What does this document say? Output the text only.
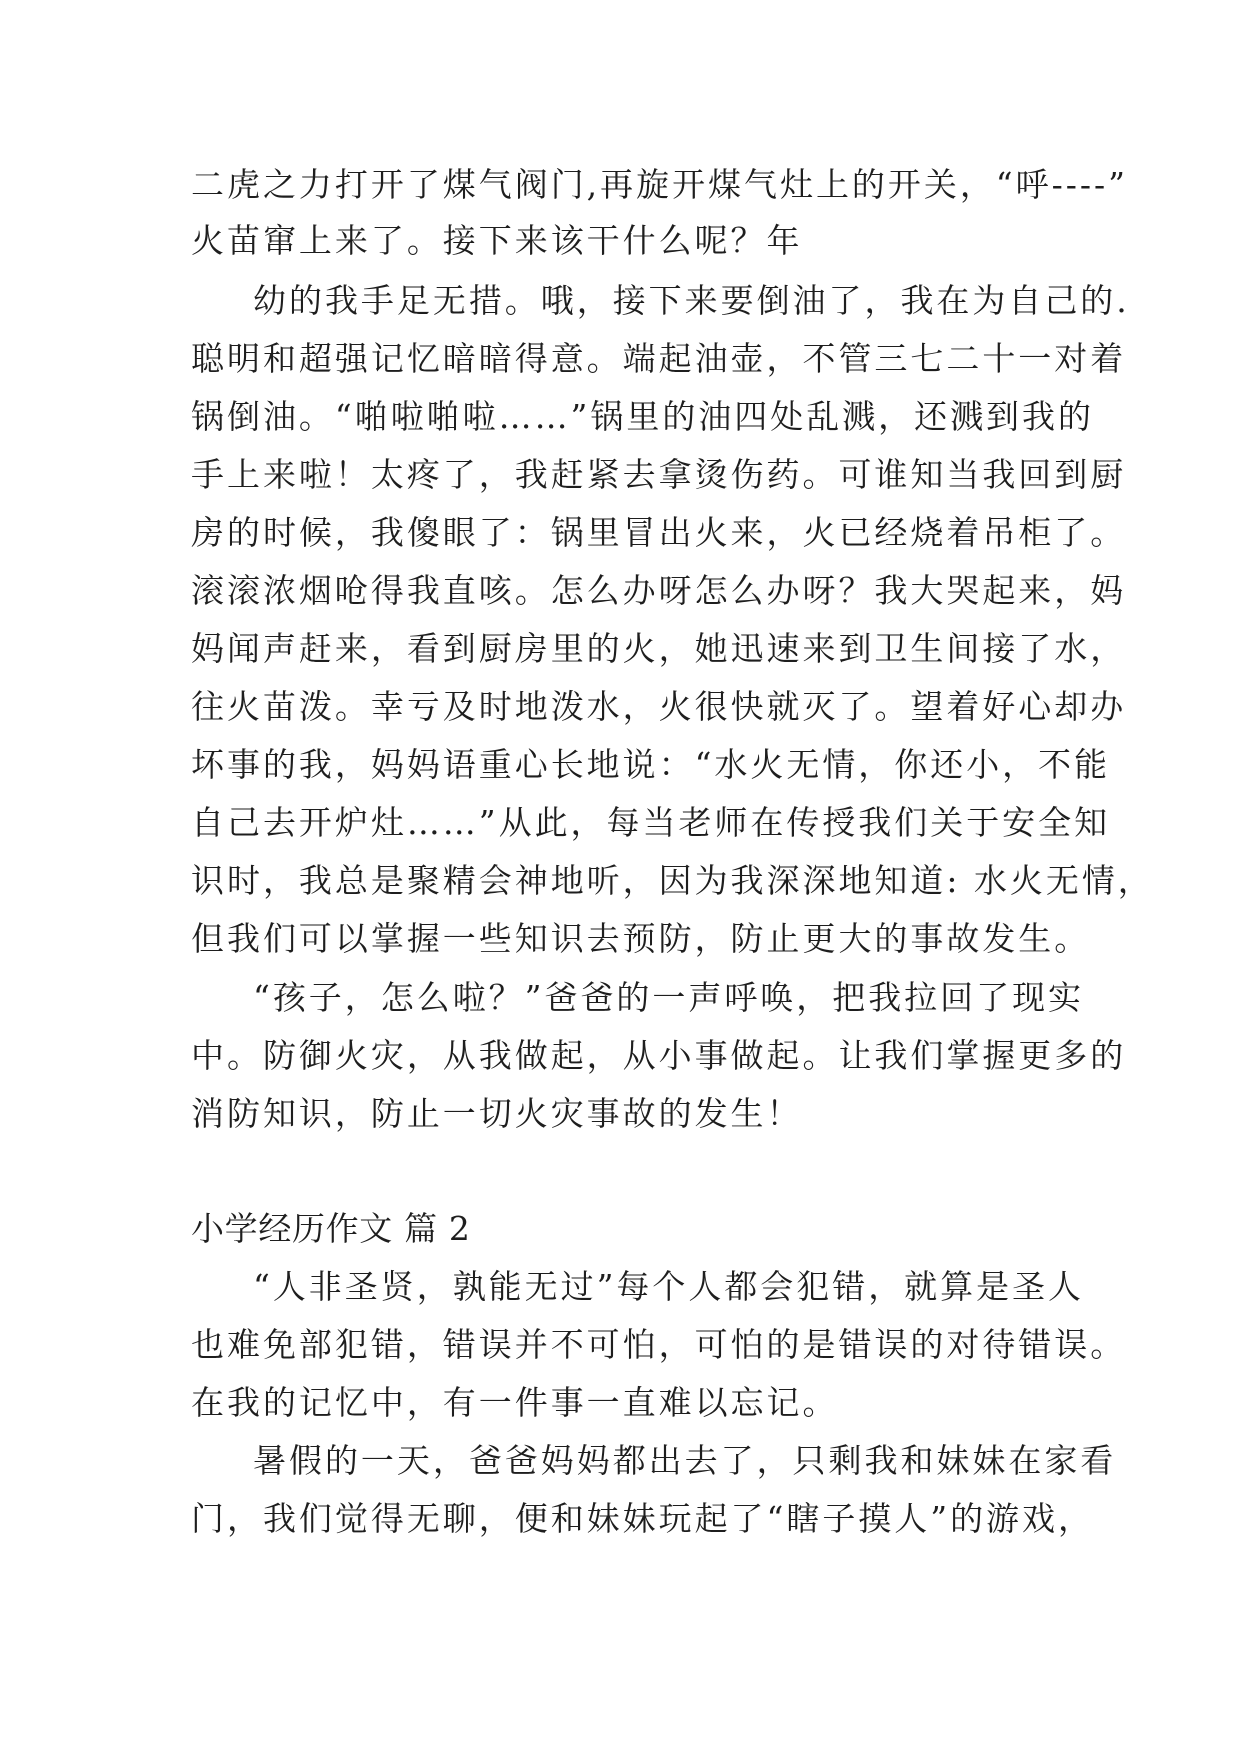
二虎之力打开了煤气阀门,再旋开煤气灶上的开关，“呼----”
火苗窜上来了。接下来该干什么呢？年
幼的我手足无措。哦，接下来要倒油了，我在为自己的.
聪明和超强记忆暗暗得意。端起油壶，不管三七二十一对着
锅倒油。“啪啦啪啦……”锅里的油四处乱溅，还溅到我的
手上来啦！太疼了，我赶紧去拿烫伤药。可谁知当我回到厨
房的时候，我傻眼了：锅里冒出火来，火已经烧着吊柜了。
滚滚浓烟呛得我直咳。怎么办呀怎么办呀？我大哭起来，妈
妈闻声赶来，看到厨房里的火，她迅速来到卫生间接了水，
往火苗泼。幸亏及时地泼水，火很快就灭了。望着好心却办
坏事的我，妈妈语重心长地说：“水火无情，你还小，不能
自己去开炉灶……”从此，每当老师在传授我们关于安全知
识时，我总是聚精会神地听，因为我深深地知道: 水火无情，
但我们可以掌握一些知识去预防，防止更大的事故发生。
“孩子，怎么啦？”爸爸的一声呼唤，把我拉回了现实
中。防御火灾，从我做起，从小事做起。让我们掌握更多的
消防知识，防止一切火灾事故的发生！
小学经历作文 篇 2
“人非圣贤，孰能无过”每个人都会犯错，就算是圣人
也难免部犯错，错误并不可怕，可怕的是错误的对待错误。
在我的记忆中，有一件事一直难以忘记。
暑假的一天，爸爸妈妈都出去了，只剩我和妹妹在家看
门，我们觉得无聊，便和妹妹玩起了“瞎子摸人”的游戏，
